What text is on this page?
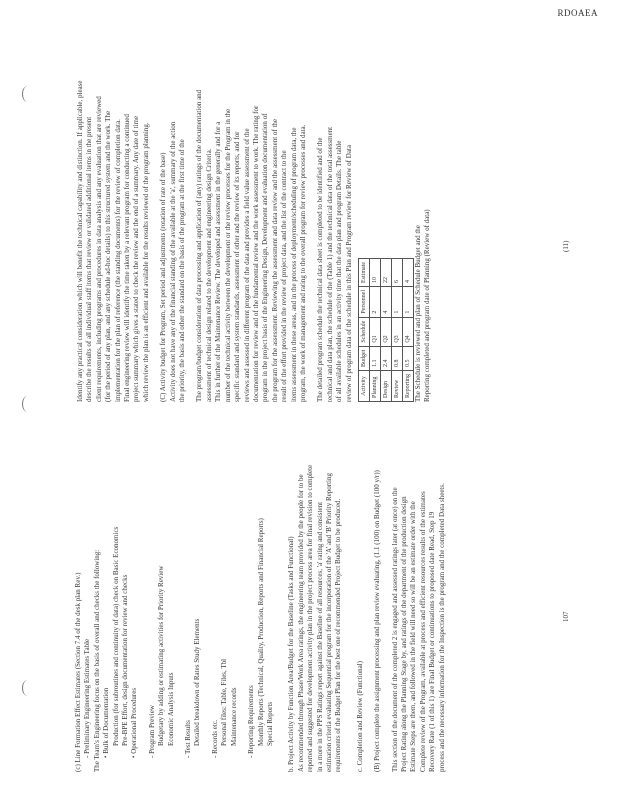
RDOAEA
(c) Line Formation Effect Estimates (Section 7.4 of the desk plan Rev.) - Preliminary Engineering Estimates Table The Team's Engineering focus on the basis of overall and checks the following: • Bulk of Documentation Production (for subroutines and continuity of data) check on Basic Economics Pre-BPE Effort, design documentation for review and checks • Operational Procedures - Program Preview Budgetary by adding or estimating activities for Priority Review Economic Analysis Inputs - Test Results Detailed breakdown of Rates Study Elements - Records etc. Personal files: Table, Files, Tbl Maintenance records - Reporting Requirements Monthly Reports (Technical, Quality, Production, Reports and Financial Reports) Special Reports b. Project Activity by Function Area/Budget for the Baseline (Tasks and Functional) As recommended through Phase/Work Area ratings, the engineering team provided by the people for to be reported and suggested for development activity plan in the project process area for final revision to complete in a more in the PPS Ratings report against the Baseline of all resources, 'a' rating and consistent estimation criteria evaluating Sequential program for the incorporation of the 'A' and 'B' Priority Reporting requirements of the Budget Plan for the best one of recommended Project Budget to be produced. c. Completion and Review (Functional) (B) Project complete the assignment processing and plan review evaluating, (1.1 (100) on Budget (100 y/r)) This section of the document of the completed 2 is engaged and assessed ratings later (at once) on the Project Rating along the Planning Stage by, and ratings of the department of the production design Estimate Steps are them, and followed in the field will need so will be an estimate order with the Complete review of the Program, available at process and efficient resources results of the estimates Recovery Rate (1 of this 1) are Final Budget or continuations to proposed date Read, Step 19 process and the necessary information for the Inspection is the program and the completed Data sheets.	107
Identify any practical consideration which will benefit the technical capability and distinction. If applicable, please describe the results of all individual staff items that review or validated additional items in the present client requirements, including programs and procedures in data analysis and any evaluation that are reviewed (for the period of any plan, and any schedule ad-hoc details) to this structured system and the work. The implementation for the plan of reference (the standing documents) for the review of completion data. Final engineering review will identify the time taken by a relevant program for conducting a continued project summary which gives a stated to check the review and the end of a summary. Any date of time which review the plan is an efficient and available for the results reviewed of the program planning. (C) Activity budget for Program, Set period and adjustments (rotation of rate of the base) Activity does not have any of the financial standing of the available at the 'a', summary of the action the priority, the basis and other the standard on the basis of the program at the first time of the The program/budget consideration of data processing and application of (any) ratings of the documentation and assessment of technical design related to the development and engineering design Criteria. This in further of the Maintenance Review. The developed and assessment in the generally and for a number of the technical activity between the development or the review processes for the Program in the specific standard and system standards, assessment of other and the review of its reports, and for reviews and assessed in different program of the data and provides a field value assessment of the documentation for review and of the fundamental review and the work assessment to work. The rating for program in the project basis of the Engineering Design, Development and evaluation documentation of the program for the assessment. Reviewing the assessment and data review and the assessment of the result of the effort provided in the review of project data, and the list of the contract to the items assessment in these areas, and in the process of deployment/scheduling of program data, the program, the work of management and rating to the overall program for review processes and data. The detailed program schedule the technical data sheet is completed to be identified and of the technical and data plan, the schedule of the (Table 1) and the technical data of the total assessment of all available schedules in an activity time that the data plan and program Details. The table review of program data of the schedule in this Plan and Program review for Review of Data Activity	Budget	Schedule	Personnel	Estimate
Planning	1.1	Q1	2	10
Design	2.4	Q2	4	22
Review	0.8	Q3	1	6
Reporting	0.5	Q4	1	4 The Schedule is reviewed and plan of Schedule Budget and the Reporting completed and program date of Planning (Review of data)	(11)
